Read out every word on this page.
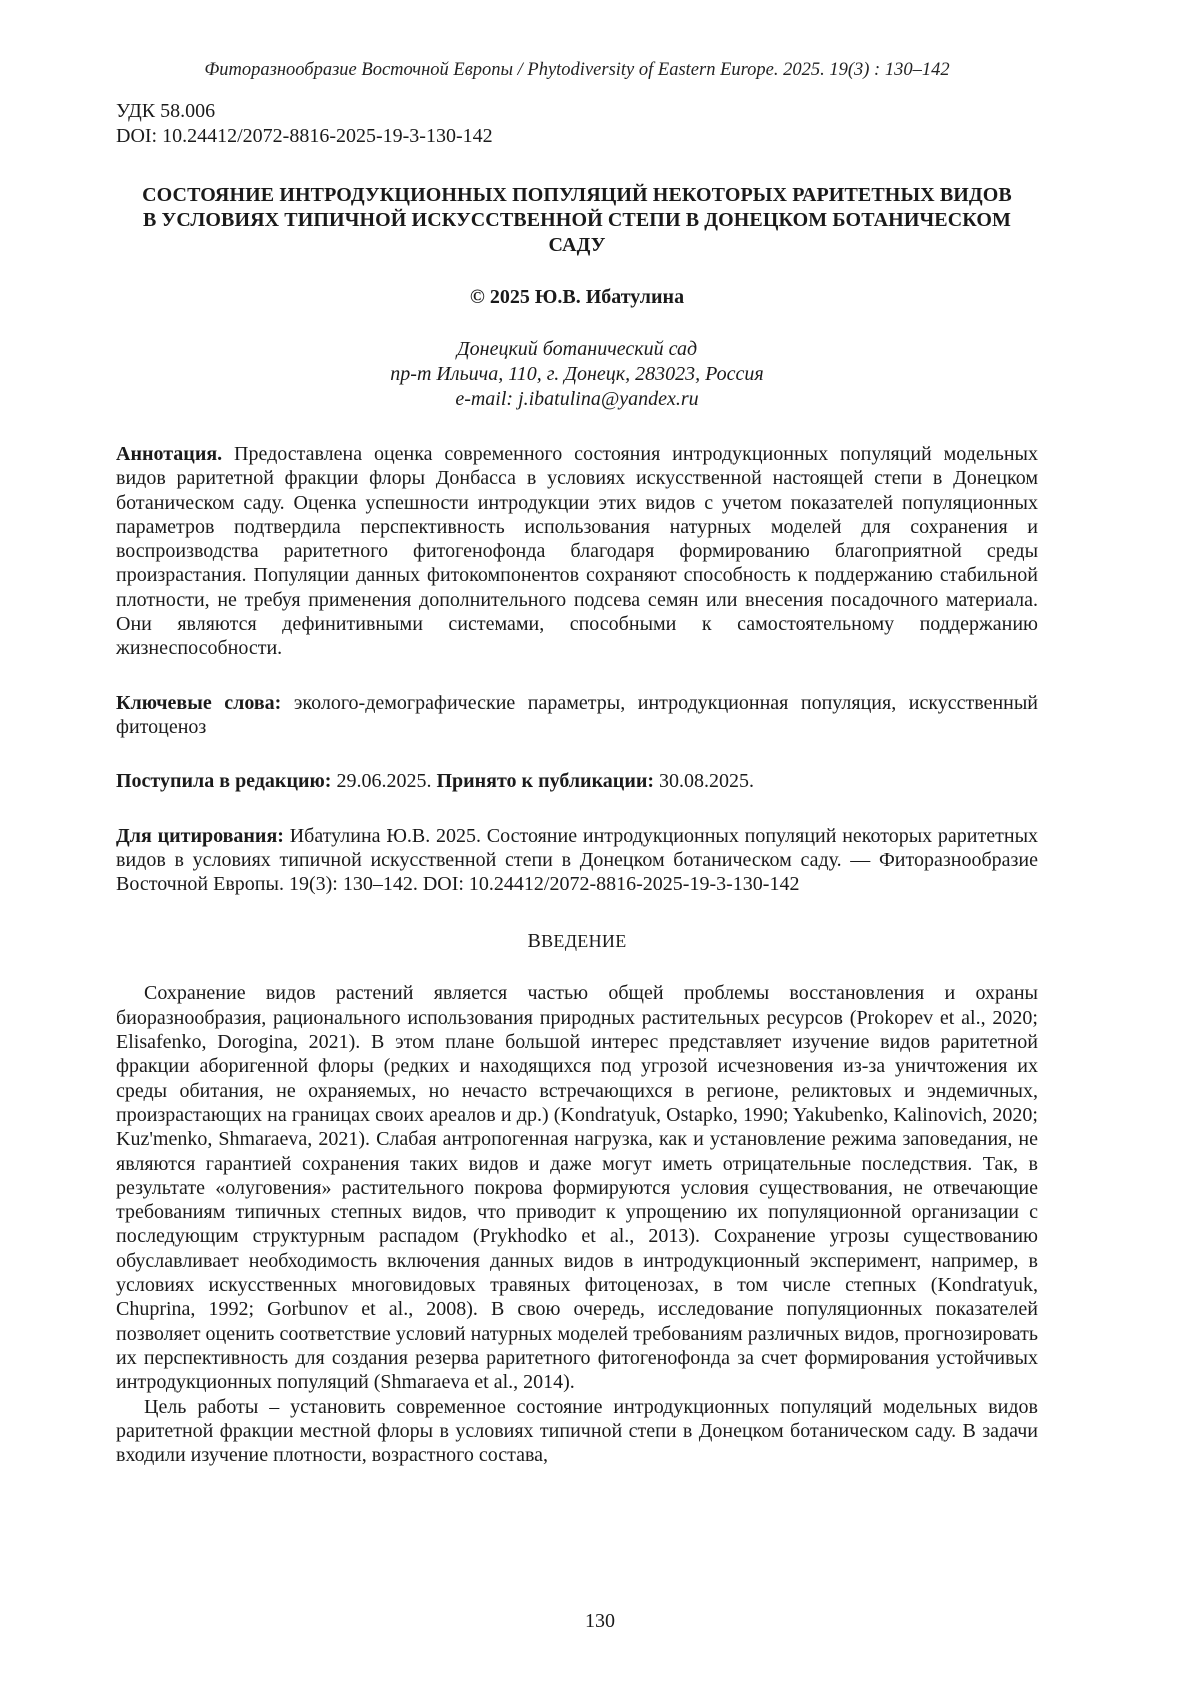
Фиторазнообразие Восточной Европы / Phytodiversity of Eastern Europe. 2025. 19(3) : 130–142
УДК 58.006
DOI: 10.24412/2072-8816-2025-19-3-130-142
СОСТОЯНИЕ ИНТРОДУКЦИОННЫХ ПОПУЛЯЦИЙ НЕКОТОРЫХ РАРИТЕТНЫХ ВИДОВ В УСЛОВИЯХ ТИПИЧНОЙ ИСКУССТВЕННОЙ СТЕПИ В ДОНЕЦКОМ БОТАНИЧЕСКОМ САДУ
© 2025 Ю.В. Ибатулина
Донецкий ботанический сад
пр-т Ильича, 110, г. Донецк, 283023, Россия
e-mail: j.ibatulina@yandex.ru
Аннотация. Предоставлена оценка современного состояния интродукционных популяций модельных видов раритетной фракции флоры Донбасса в условиях искусственной настоящей степи в Донецком ботаническом саду. Оценка успешности интродукции этих видов с учетом показателей популяционных параметров подтвердила перспективность использования натурных моделей для сохранения и воспроизводства раритетного фитогенофонда благодаря формированию благоприятной среды произрастания. Популяции данных фитокомпонентов сохраняют способность к поддержанию стабильной плотности, не требуя применения дополнительного подсева семян или внесения посадочного материала. Они являются дефинитивными системами, способными к самостоятельному поддержанию жизнеспособности.
Ключевые слова: эколого-демографические параметры, интродукционная популяция, искусственный фитоценоз
Поступила в редакцию: 29.06.2025. Принято к публикации: 30.08.2025.
Для цитирования: Ибатулина Ю.В. 2025. Состояние интродукционных популяций некоторых раритетных видов в условиях типичной искусственной степи в Донецком ботаническом саду. — Фиторазнообразие Восточной Европы. 19(3): 130–142. DOI: 10.24412/2072-8816-2025-19-3-130-142
ВВЕДЕНИЕ

Сохранение видов растений является частью общей проблемы восстановления и охраны биоразнообразия, рационального использования природных растительных ресурсов (Prokopev et al., 2020; Elisafenko, Dorogina, 2021). В этом плане большой интерес представляет изучение видов раритетной фракции аборигенной флоры (редких и находящихся под угрозой исчезновения из-за уничтожения их среды обитания, не охраняемых, но нечасто встречающихся в регионе, реликтовых и эндемичных, произрастающих на границах своих ареалов и др.) (Kondratyuk, Ostapko, 1990; Yakubenko, Kalinovich, 2020; Kuz'menko, Shmaraeva, 2021). Слабая антропогенная нагрузка, как и установление режима заповедания, не являются гарантией сохранения таких видов и даже могут иметь отрицательные последствия. Так, в результате «олуговения» растительного покрова формируются условия существования, не отвечающие требованиям типичных степных видов, что приводит к упрощению их популяционной организации с последующим структурным распадом (Prykhodko et al., 2013). Сохранение угрозы существованию обуславливает необходимость включения данных видов в интродукционный эксперимент, например, в условиях искусственных многовидовых травяных фитоценозах, в том числе степных (Kondratyuk, Chuprina, 1992; Gorbunov et al., 2008). В свою очередь, исследование популяционных показателей позволяет оценить соответствие условий натурных моделей требованиям различных видов, прогнозировать их перспективность для создания резерва раритетного фитогенофонда за счет формирования устойчивых интродукционных популяций (Shmaraeva et al., 2014).

Цель работы – установить современное состояние интродукционных популяций модельных видов раритетной фракции местной флоры в условиях типичной степи в Донецком ботаническом саду. В задачи входили изучение плотности, возрастного состава,

130
